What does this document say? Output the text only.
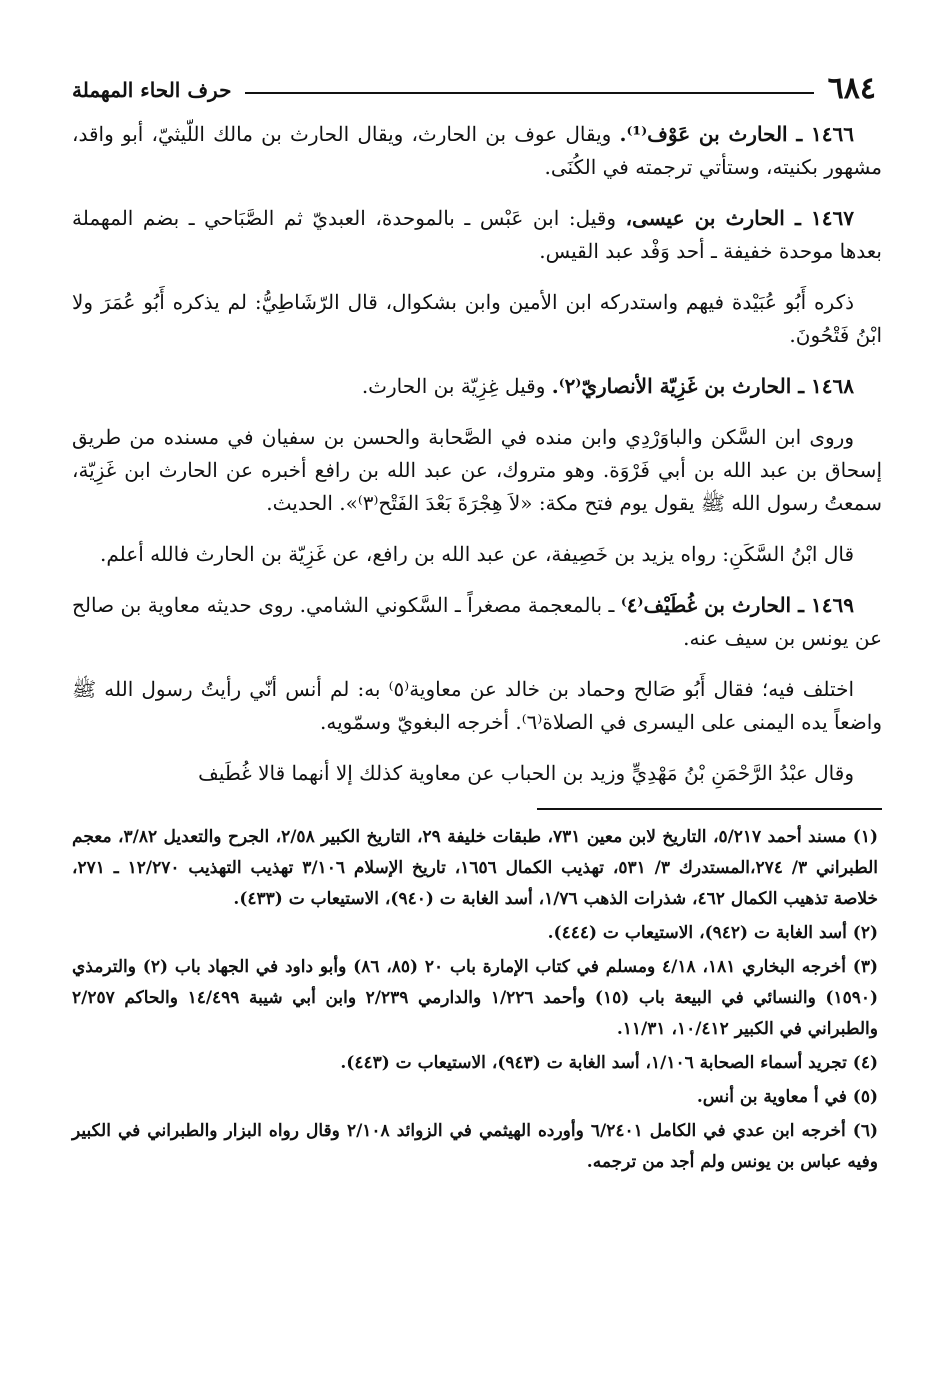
٦٨٤
حرف الحاء المهملة

١٤٦٦ ـ الحارث بن عَوْف⁽¹⁾. ويقال عوف بن الحارث، ويقال الحارث بن مالك اللّيثيّ، أبو واقد، مشهور بكنيته، وستأتي ترجمته في الكُنَى.

١٤٦٧ ـ الحارث بن عيسى، وقيل: ابن عَبْس ـ بالموحدة، العبديّ ثم الصَّبَاحي ـ بضم المهملة بعدها موحدة خفيفة ـ أحد وَفْد عبد القيس.

ذكره أَبُو عُبَيْدة فيهم واستدركه ابن الأمين وابن بشكوال، قال الرّشَاطِيُّ: لم يذكره أَبُو عُمَرَ ولا ابْنُ فَتْحُونَ.

١٤٦٨ ـ الحارث بن غَزِيّة الأنصاريّ⁽٢⁾. وقيل غِزِيّة بن الحارث.

وروى ابن السَّكن والباوَرْدِي وابن منده في الصَّحابة والحسن بن سفيان في مسنده من طريق إسحاق بن عبد الله بن أبي فَرْوَة. وهو متروك، عن عبد الله بن رافع أخبره عن الحارث ابن غَزِيّة، سمعتُ رسول الله ﷺ يقول يوم فتح مكة: «لاَ هِجْرَةَ بَعْدَ الفَتْح⁽٣⁾». الحديث.

قال ابْنُ السَّكَنِ: رواه يزيد بن خَصِيفة، عن عبد الله بن رافع، عن غَزِيّة بن الحارث فالله أعلم.

١٤٦٩ ـ الحارث بن غُطَيْف⁽٤⁾ ـ بالمعجمة مصغراً ـ السَّكوني الشامي. روى حديثه معاوية بن صالح عن يونس بن سيف عنه.

اختلف فيه؛ فقال أَبُو صَالح وحماد بن خالد عن معاوية⁽٥⁾ به: لم أنس أنّي رأيتُ رسول الله ﷺ واضعاً يده اليمنى على اليسرى في الصلاة⁽٦⁾. أخرجه البغويّ وسمّويه.

وقال عبْدُ الرَّحْمَنِ بْنُ مَهْدِيٍّ وزيد بن الحباب عن معاوية كذلك إلا أنهما قالا غُطَيف

(١) مسند أحمد ٥/٢١٧، التاريخ لابن معين ٧٣١، طبقات خليفة ٢٩، التاريخ الكبير ٢/٥٨، الجرح والتعديل ٣/٨٢، معجم الطبراني ٣/ ٢٧٤،المستدرك ٣/ ٥٣١، تهذيب الكمال ١٦٥٦، تاريخ الإسلام ٣/١٠٦ تهذيب التهذيب ١٢/٢٧٠ ـ ٢٧١، خلاصة تذهيب الكمال ٤٦٢، شذرات الذهب ١/٧٦، أسد الغابة ت (٩٤٠)، الاستيعاب ت (٤٣٣).

(٢) أسد الغابة ت (٩٤٢)، الاستيعاب ت (٤٤٤).

(٣) أخرجه البخاري ١٨١، ٤/١٨ ومسلم في كتاب الإمارة باب ٢٠ (٨٥، ٨٦) وأبو داود في الجهاد باب (٢) والترمذي (١٥٩٠) والنسائي في البيعة باب (١٥) وأحمد ١/٢٢٦ والدارمي ٢/٢٣٩ وابن أبي شيبة ١٤/٤٩٩ والحاكم ٢/٢٥٧ والطبراني في الكبير ١٠/٤١٢، ١١/٣١.

(٤) تجريد أسماء الصحابة ١/١٠٦، أسد الغابة ت (٩٤٣)، الاستيعاب ت (٤٤٣).

(٥) في أ معاوية بن أنس.

(٦) أخرجه ابن عدي في الكامل ٦/٢٤٠١ وأورده الهيثمي في الزوائد ٢/١٠٨ وقال رواه البزار والطبراني في الكبير وفيه عباس بن يونس ولم أجد من ترجمه.
